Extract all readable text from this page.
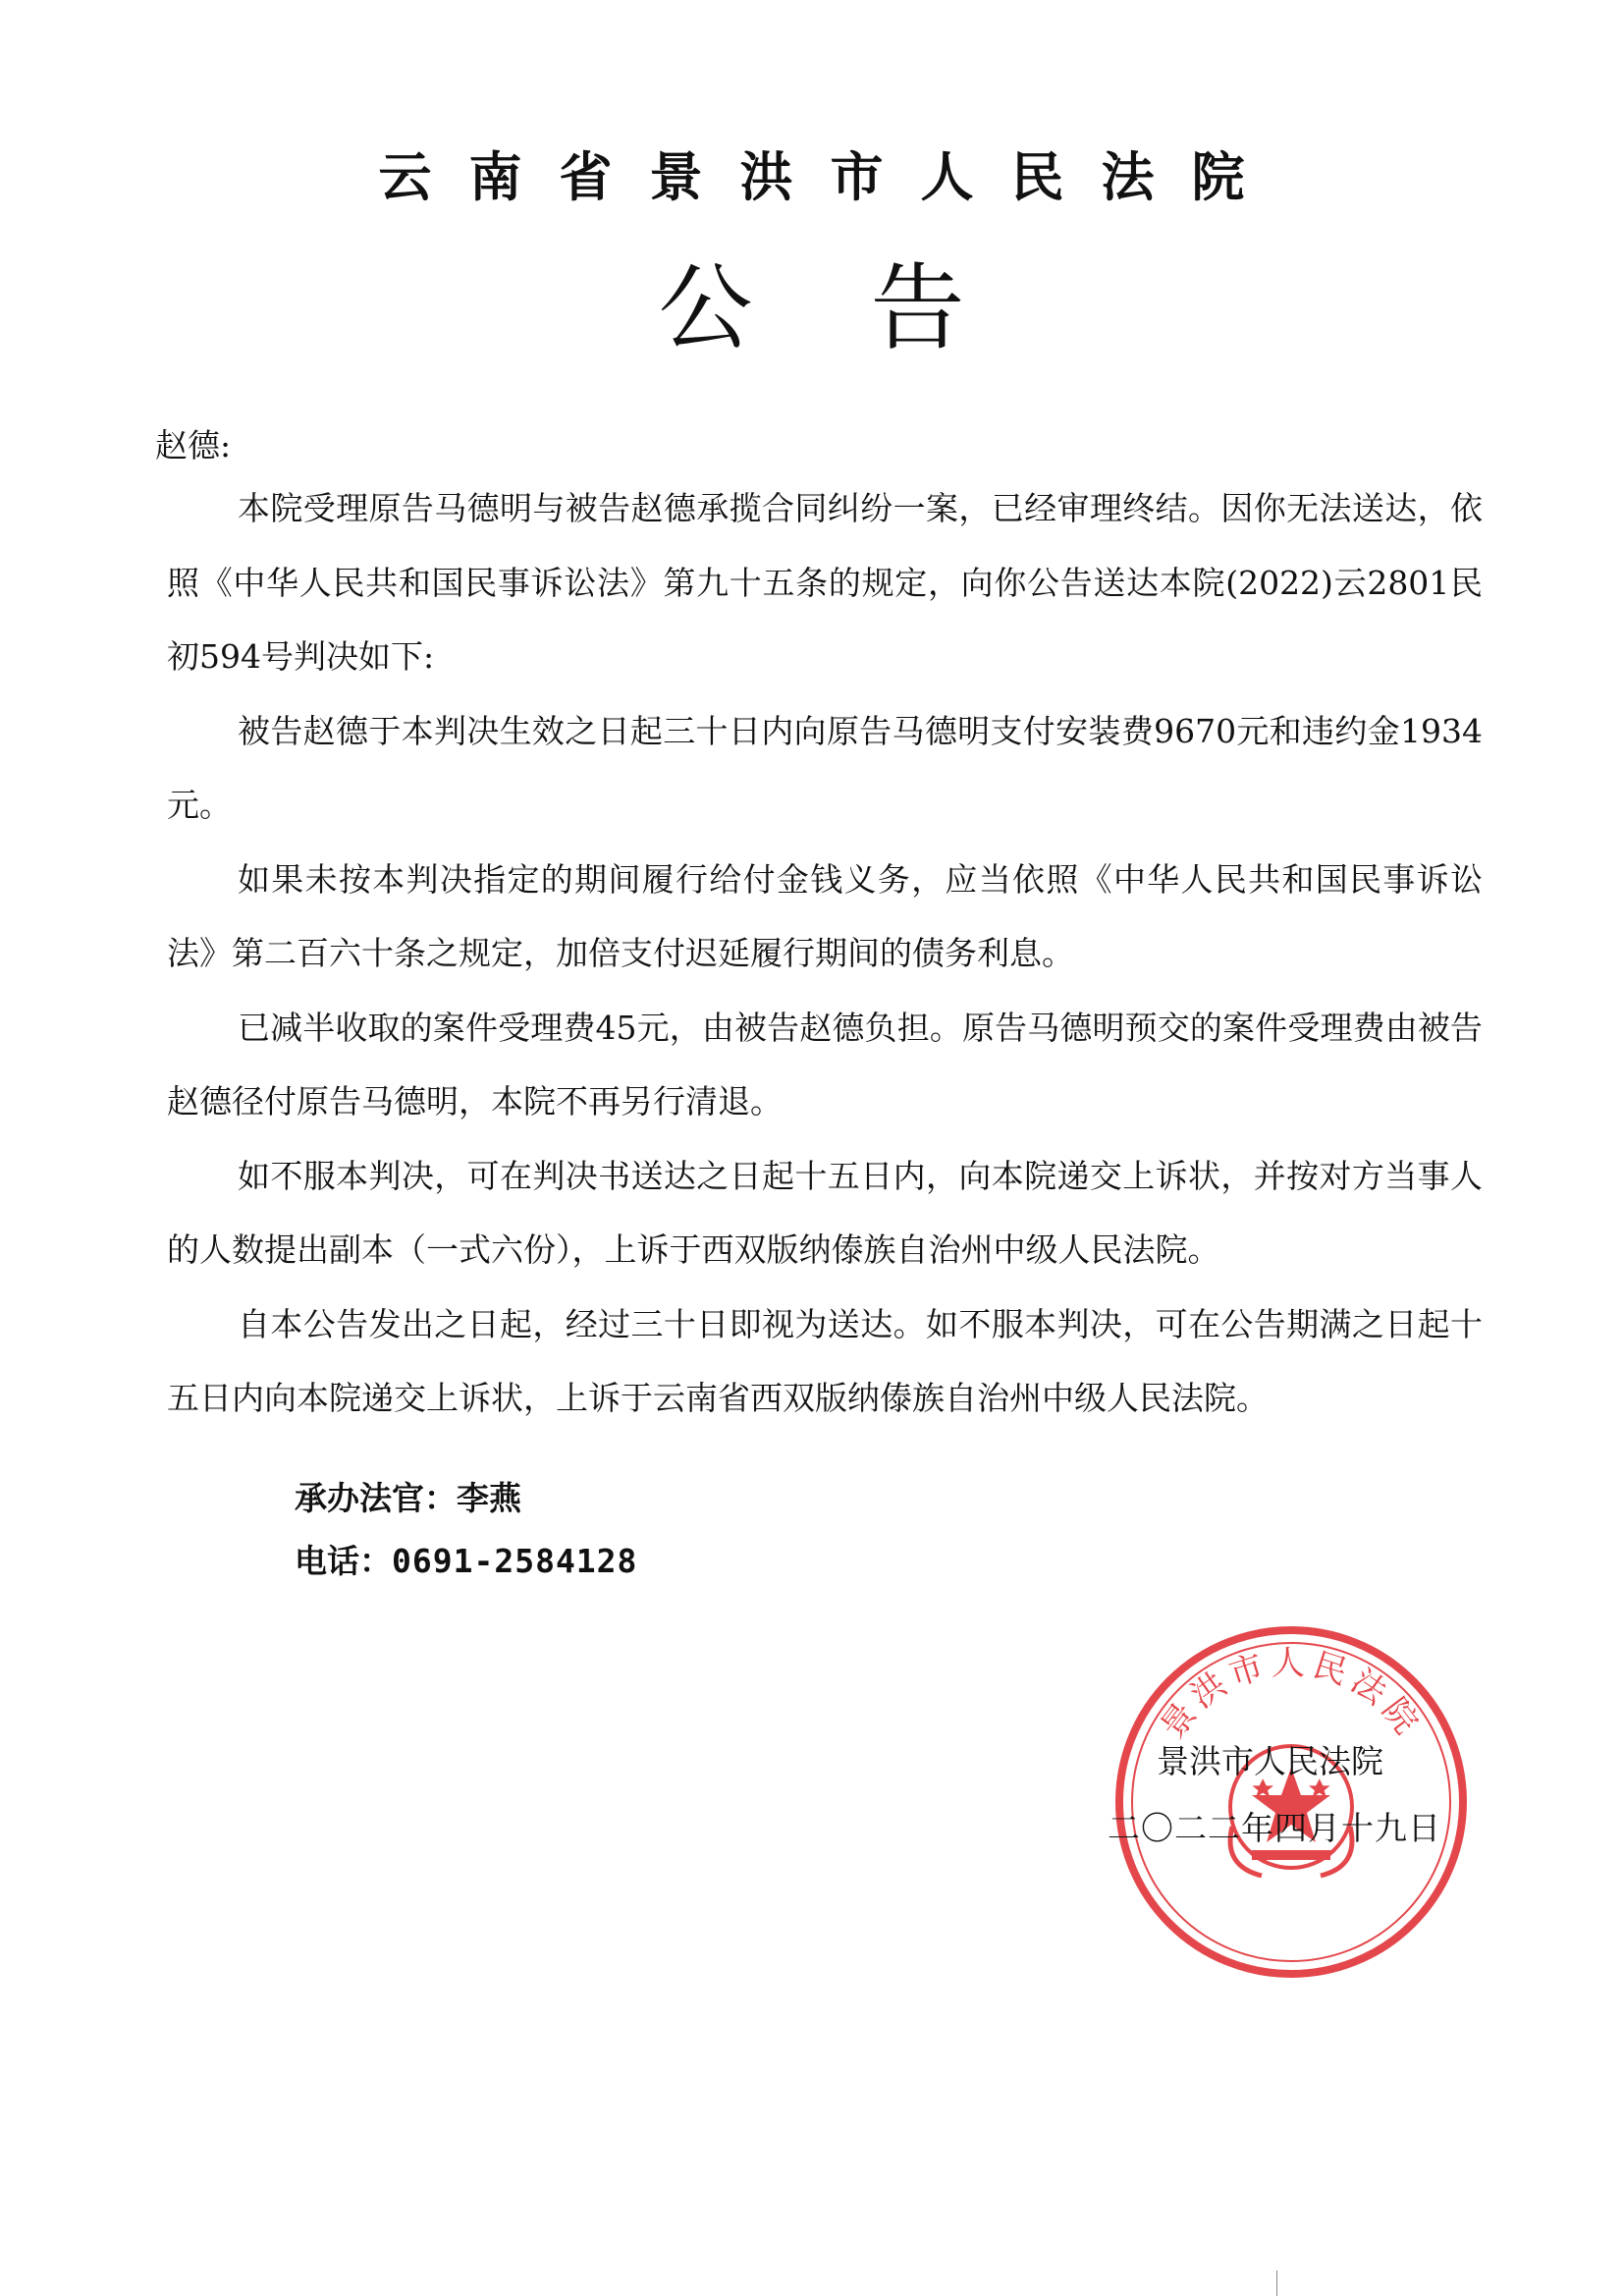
云南省景洪市人民法院
公告
赵德:

本院受理原告马德明与被告赵德承揽合同纠纷一案，已经审理终结。因你无法送达，依照《中华人民共和国民事诉讼法》第九十五条的规定，向你公告送达本院(2022)云2801民初594号判决如下:

被告赵德于本判决生效之日起三十日内向原告马德明支付安装费9670元和违约金1934元。

如果未按本判决指定的期间履行给付金钱义务，应当依照《中华人民共和国民事诉讼法》第二百六十条之规定，加倍支付迟延履行期间的债务利息。

已减半收取的案件受理费45元，由被告赵德负担。原告马德明预交的案件受理费由被告赵德径付原告马德明，本院不再另行清退。

如不服本判决，可在判决书送达之日起十五日内，向本院递交上诉状，并按对方当事人的人数提出副本（一式六份），上诉于西双版纳傣族自治州中级人民法院。

自本公告发出之日起，经过三十日即视为送达。如不服本判决，可在公告期满之日起十五日内向本院递交上诉状，上诉于云南省西双版纳傣族自治州中级人民法院。

承办法官：李燕
电话：0691-2584128
景洪市人民法院
景洪市人民法院
二〇二二年四月十九日
